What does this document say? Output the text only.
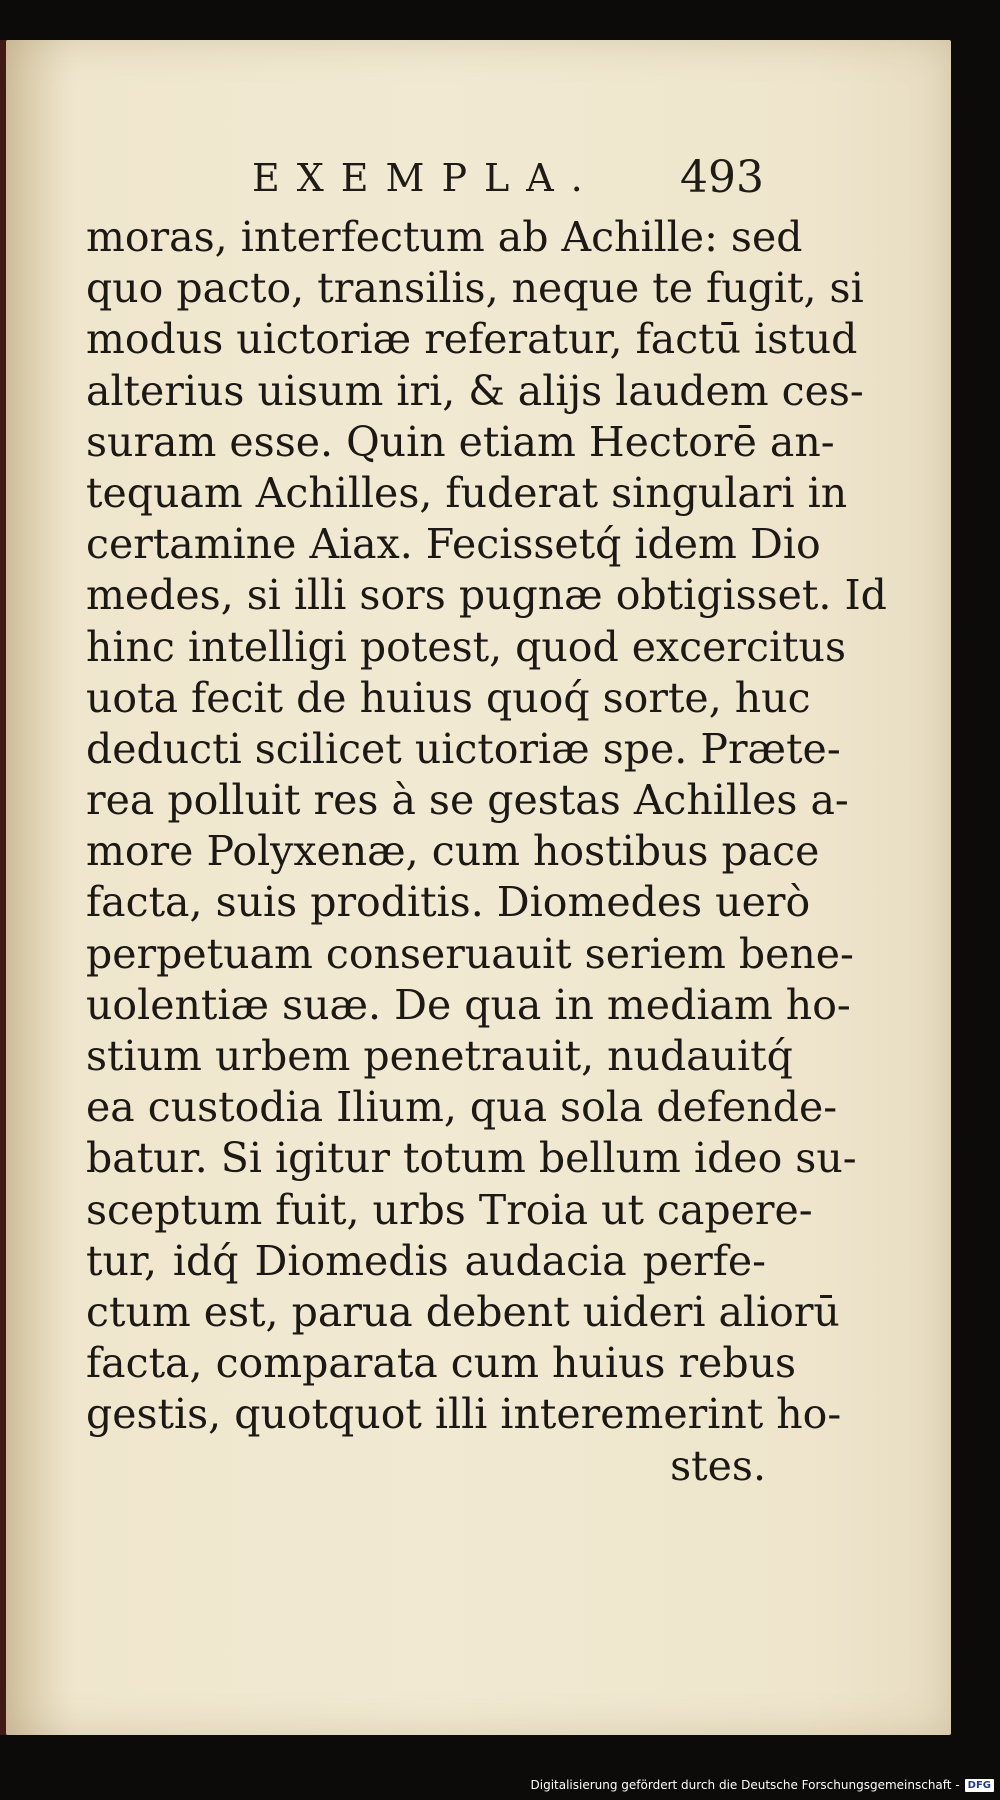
EXEMPLA. 493
moras, interfectum ab Achille: sed
quo pacto, transilis, neque te fugit, si
modus uictoriæ referatur, factū istud
alterius uisum iri, & alijs laudem ces-
suram esse. Quin etiam Hectorē an-
tequam Achilles, fuderat singulari in
certamine Aiax. Fecissetq́ idem Dio
medes, si illi sors pugnæ obtigisset. Id
hinc intelligi potest, quod excercitus
uota fecit de huius quoq́ sorte, huc
deducti scilicet uictoriæ spe. Præte-
rea polluit res à se gestas Achilles a-
more Polyxenæ, cum hostibus pace
facta, suis proditis. Diomedes uerò
perpetuam conseruauit seriem bene-
uolentiæ suæ. De qua in mediam ho-
stium urbem penetrauit, nudauitq́
ea custodia Ilium, qua sola defende-
batur. Si igitur totum bellum ideo su-
sceptum fuit, urbs Troia ut capere-
tur, idq́ Diomedis audacia perfe-
ctum est, parua debent uideri aliorū
facta, comparata cum huius rebus
gestis, quotquot illi interemerint ho-
stes.
Digitalisierung gefördert durch die Deutsche Forschungsgemeinschaft - DFG
